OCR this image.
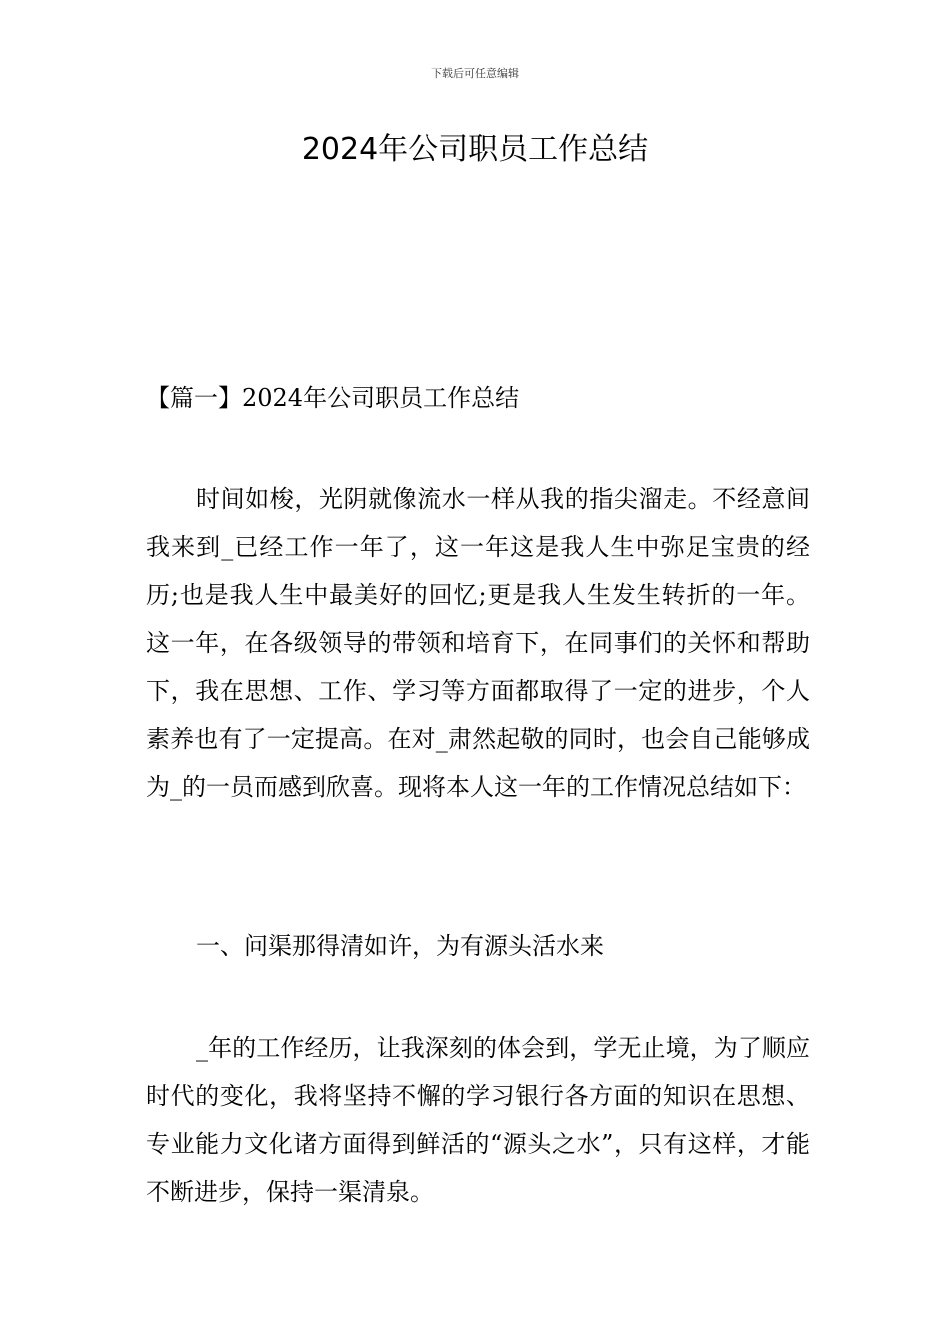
下载后可任意编辑
2024年公司职员工作总结
【篇一】2024年公司职员工作总结

时间如梭，光阴就像流水一样从我的指尖溜走。不经意间我来到_已经工作一年了，这一年这是我人生中弥足宝贵的经历;也是我人生中最美好的回忆;更是我人生发生转折的一年。这一年，在各级领导的带领和培育下，在同事们的关怀和帮助下，我在思想、工作、学习等方面都取得了一定的进步，个人素养也有了一定提高。在对_肃然起敬的同时，也会自己能够成为_的一员而感到欣喜。现将本人这一年的工作情况总结如下：

一、问渠那得清如许，为有源头活水来

_年的工作经历，让我深刻的体会到，学无止境，为了顺应时代的变化，我将坚持不懈的学习银行各方面的知识在思想、专业能力文化诸方面得到鲜活的“源头之水”，只有这样，才能不断进步，保持一渠清泉。
